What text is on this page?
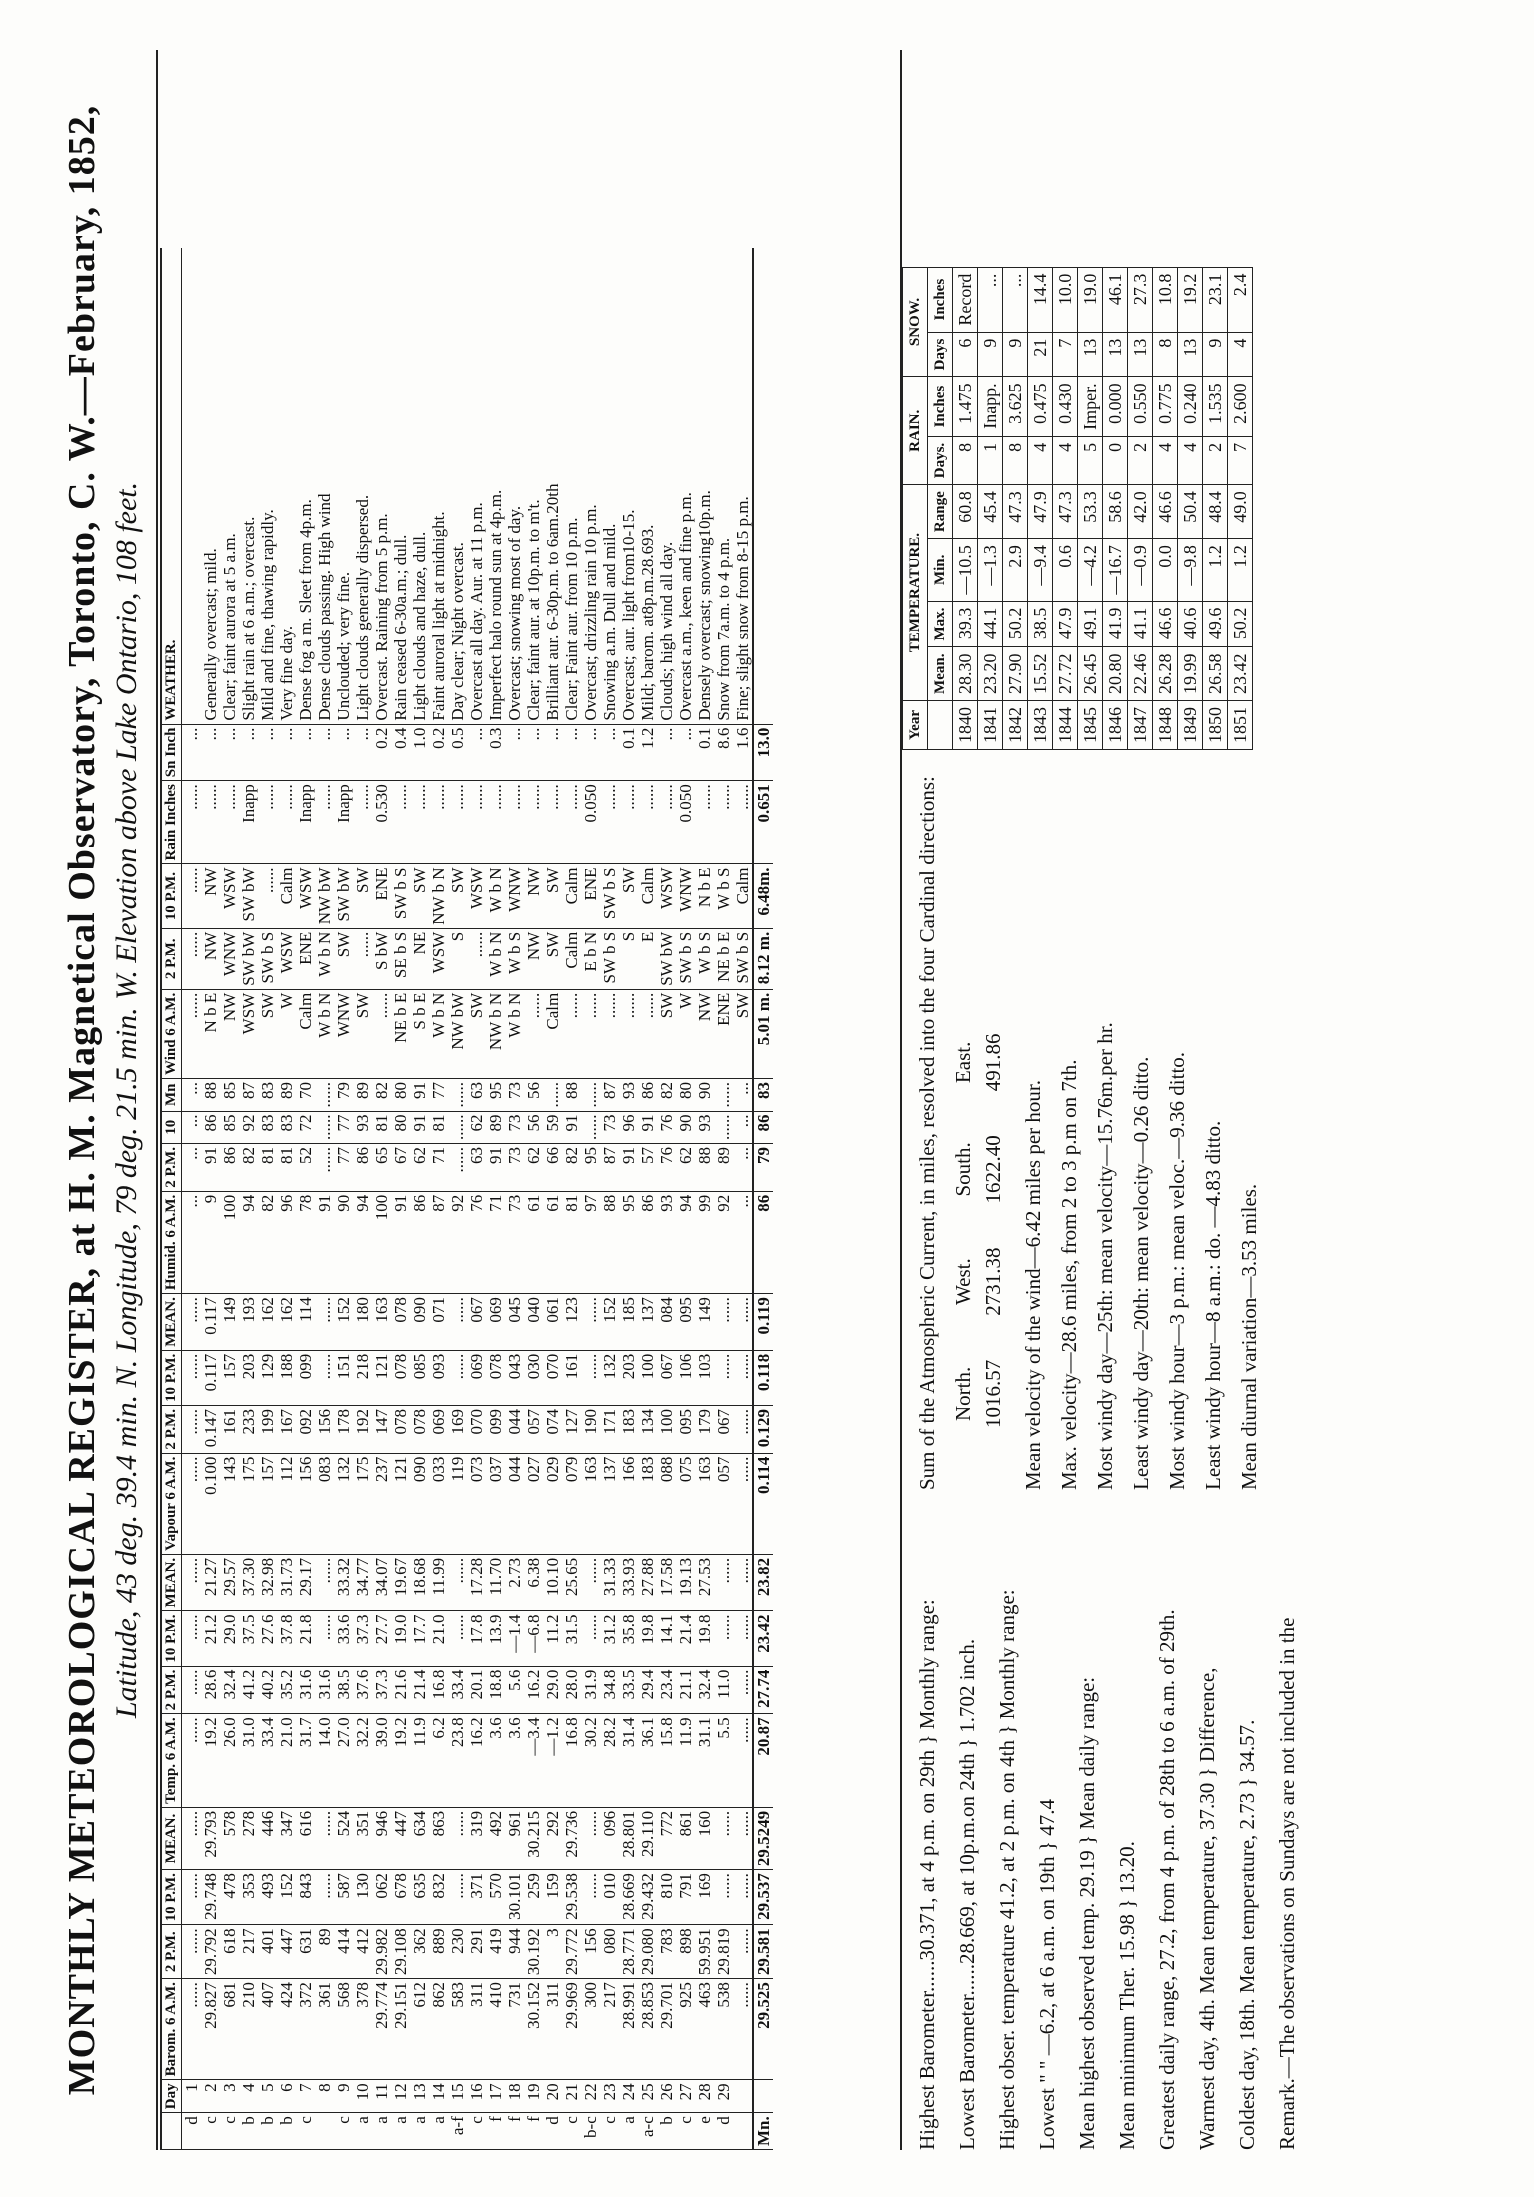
MONTHLY METEOROLOGICAL REGISTER, at H. M. Magnetical Observatory, Toronto, C. W.—February, 1852, Latitude, 43 deg. 39.4 min. N. Longitude, 79 deg. 21.5 min. W. Elevation above Lake Ontario, 108 feet.
	Day	Barom. 6 A.M.	2 P.M.	10 P.M.	MEAN.	Temp. 6 A.M.	2 P.M.	10 P.M.	MEAN.	Vapour 6 A.M.	2 P.M.	10 P.M.	MEAN.	Humid. 6 A.M.	2 P.M.	10	Mn	Wind 6 A.M.	2 P.M.	10 P.M.	Rain Inches	Sn Inch	WEATHER.
d	1	......	......	......	......	......	......	......	......	......	......	......	......	...	...	...	...	......	......	......	......	...	
c	2	29.827	29.792	29.748	29.793	19.2	28.6	21.2	21.27	0.100	0.147	0.117	0.117	9	91	86	88	N b E	NW	NW	......	...	Generally overcast; mild.
c	3	681	618	478	578	26.0	32.4	29.0	29.57	143	161	157	149	100	86	85	85	NW	WNW	WSW	......	...	Clear; faint aurora at 5 a.m.
b	4	210	217	353	278	31.0	41.2	37.5	37.30	175	233	203	193	94	82	92	87	WSW	SW bW	SW bW	Inapp	...	Slight rain at 6 a.m.; overcast.
b	5	407	401	493	446	33.4	40.2	27.6	32.98	157	199	129	162	82	81	83	83	SW	SW b S	......	......	...	Mild and fine, thawing rapidly.
b	6	424	447	152	347	21.0	35.2	37.8	31.73	112	167	188	162	96	81	83	89	W	WSW	Calm	......	...	Very fine day.
c	7	372	631	843	616	31.7	31.6	21.8	29.17	156	092	099	114	78	52	72	70	Calm	ENE	WSW	Inapp	...	Dense fog a m. Sleet from 4p.m.
	8	361	89	......	......	14.0	31.6	......	......	083	156	......	......	91	......	......	......	W b N	W b N	NW bW	......	...	Dense clouds passing. High wind
c	9	568	414	587	524	27.0	38.5	33.6	33.32	132	178	151	152	90	77	77	79	WNW	SW	SW bW	Inapp	...	Unclouded; very fine.
a	10	378	412	130	351	32.2	37.6	37.3	34.77	175	192	218	180	94	86	93	89	SW	......	SW	......	...	Light clouds generally dispersed.
a	11	29.774	29.982	062	946	39.0	37.3	27.7	34.07	237	147	121	163	100	65	81	82	......	S bW	ENE	0.530	0.2	Overcast. Raining from 5 p.m.
a	12	29.151	29.108	678	447	19.2	21.6	19.0	19.67	121	078	078	078	91	67	80	80	NE b E	SE b S	SW b S	......	0.4	Rain ceased 6-30a.m.; dull.
a	13	612	362	635	634	11.9	21.4	17.7	18.68	090	078	085	090	86	62	91	91	S b E	NE	SW	......	1.0	Light clouds and haze, dull.
a	14	862	889	832	863	6.2	16.8	21.0	11.99	033	069	093	071	87	71	81	77	W b N	WSW	NW b N	......	0.2	Faint auroral light at midnight.
a-f	15	583	230	......	......	23.8	33.4	......	......	119	169	......	......	92	......	......	......	NW bW	S	SW	......	0.5	Day clear; Night overcast.
c	16	311	291	371	319	16.2	20.1	17.8	17.28	073	070	069	067	76	63	62	63	SW	......	WSW	......	...	Overcast all day. Aur. at 11 p.m.
f	17	410	419	570	492	3.6	18.8	13.9	11.70	037	099	078	069	71	91	89	95	NW b N	W b N	W b N	......	0.3	Imperfect halo round sun at 4p.m.
f	18	731	944	30.101	961	3.6	5.6	—1.4	2.73	044	044	043	045	73	73	73	73	W b N	W b S	WNW	......	...	Overcast; snowing most of day.
f	19	30.152	30.192	259	30.215	—3.4	16.2	—6.8	6.38	027	057	030	040	61	62	56	56	......	NW	NW	......	...	Clear; faint aur. at 10p.m. to m't.
d	20	311	3	159	292	—1.2	29.0	11.2	10.10	029	074	070	061	61	66	59	......	Calm	SW	SW	......	...	Brilliant aur. 6-30p.m. to 6am.20th
c	21	29.969	29.772	29.538	29.736	16.8	28.0	31.5	25.65	079	127	161	123	81	82	91	88	......	Calm	Calm	......	...	Clear; Faint aur. from 10 p.m.
b-c	22	300	156	......	......	30.2	31.9	......	......	163	190	......	......	97	95	......	......	......	E b N	ENE	0.050	...	Overcast; drizzling rain 10 p.m.
c	23	217	080	010	096	28.2	34.8	31.2	31.33	137	171	132	152	88	87	73	87	......	SW b S	SW b S	......	...	Snowing a.m. Dull and mild.
a	24	28.991	28.771	28.669	28.801	31.4	33.5	35.8	33.93	166	183	203	185	95	91	96	93	......	S	SW	......	0.1	Overcast; aur. light from10-15.
a-c	25	28.853	29.080	29.432	29.110	36.1	29.4	19.8	27.88	183	134	100	137	86	57	91	86	......	E	Calm	......	1.2	Mild; barom. at8p.m.28.693.
b	26	29.701	783	810	772	15.8	23.4	14.1	17.58	088	100	067	084	93	76	76	82	SW	SW bW	WSW	......	...	Clouds; high wind all day.
c	27	925	898	791	861	11.9	21.1	21.4	19.13	075	095	106	095	94	62	90	80	W	SW b S	WNW	0.050	...	Overcast a.m., keen and fine p.m.
e	28	463	59.951	169	160	31.1	32.4	19.8	27.53	163	179	103	149	99	88	93	90	NW	W b S	N b E	......	0.1	Densely overcast; snowing10p.m.
d	29	538	29.819	......	......	5.5	11.0	......	......	057	067	......	......	92	89	......	......	ENE	NE b E	W b S	......	8.6	Snow from 7a.m. to 4 p.m.
		......	......	......	......	......	......	......	......	......	......	......	......	...	...	...	...	SW	SW b S	Calm	......	1.6	Fine; slight snow from 8-15 p.m.
Mn.		29.525	29.581	29.537	29.5249	20.87	27.74	23.42	23.82	0.114	0.129	0.118	0.119	86	79	86	83	5.01 m.	8.12 m.	6.48m.	0.651	13.0	

Highest Barometer......30.371, at 4 p.m. on 29th } Monthly range: Lowest Barometer......28.669, at 10p.m.on 24th } 1.702 inch. Highest obser. temperature 41.2, at 2 p.m. on 4th } Monthly range: Lowest " " —6.2, at 6 a.m. on 19th } 47.4 Mean highest observed temp. 29.19 } Mean daily range: Mean minimum Ther. 15.98 } 13.20. Greatest daily range, 27.2, from 4 p.m. of 28th to 6 a.m. of 29th. Warmest day, 4th. Mean temperature, 37.30 } Difference, Coldest day, 18th. Mean temperature, 2.73 } 34.57. Remark.—The observations on Sundays are not included in the

Sum of the Atmospheric Current, in miles, resolved into the four Cardinal directions: North.	West.	South.	East.
1016.57	2731.38	1622.40	491.86

Mean velocity of the wind—6.42 miles per hour. Max. velocity—28.6 miles, from 2 to 3 p.m on 7th. Most windy day—25th: mean velocity—15.76m.per hr. Least windy day—20th: mean velocity—0.26 ditto. Most windy hour—3 p.m.: mean veloc.—9.36 ditto. Least windy hour—8 a.m.: do. —4.83 ditto. Mean diurnal variation—3.53 miles.

Year	TEMPERATURE.				RAIN.		SNOW.	
	Mean.	Max.	Min.	Range	Days.	Inches	Days	Inches
1840	28.30	39.3	—10.5	60.8	8	1.475	6	Record
1841	23.20	44.1	—1.3	45.4	1	Inapp.	9	...
1842	27.90	50.2	2.9	47.3	8	3.625	9	...
1843	15.52	38.5	—9.4	47.9	4	0.475	21	14.4
1844	27.72	47.9	0.6	47.3	4	0.430	7	10.0
1845	26.45	49.1	—4.2	53.3	5	Imper.	13	19.0
1846	20.80	41.9	—16.7	58.6	0	0.000	13	46.1
1847	22.46	41.1	—0.9	42.0	2	0.550	13	27.3
1848	26.28	46.6	0.0	46.6	4	0.775	8	10.8
1849	19.99	40.6	—9.8	50.4	4	0.240	13	19.2
1850	26.58	49.6	1.2	48.4	2	1.535	9	23.1
1851	23.42	50.2	1.2	49.0	7	2.600	4	2.4
